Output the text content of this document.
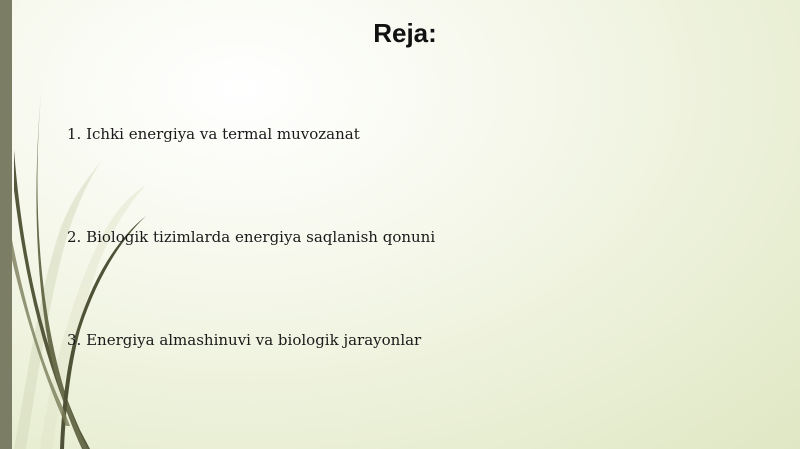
Reja:
1. Ichki energiya va termal muvozanat
2. Biologik tizimlarda energiya saqlanish qonuni
3. Energiya almashinuvi va biologik jarayonlar
